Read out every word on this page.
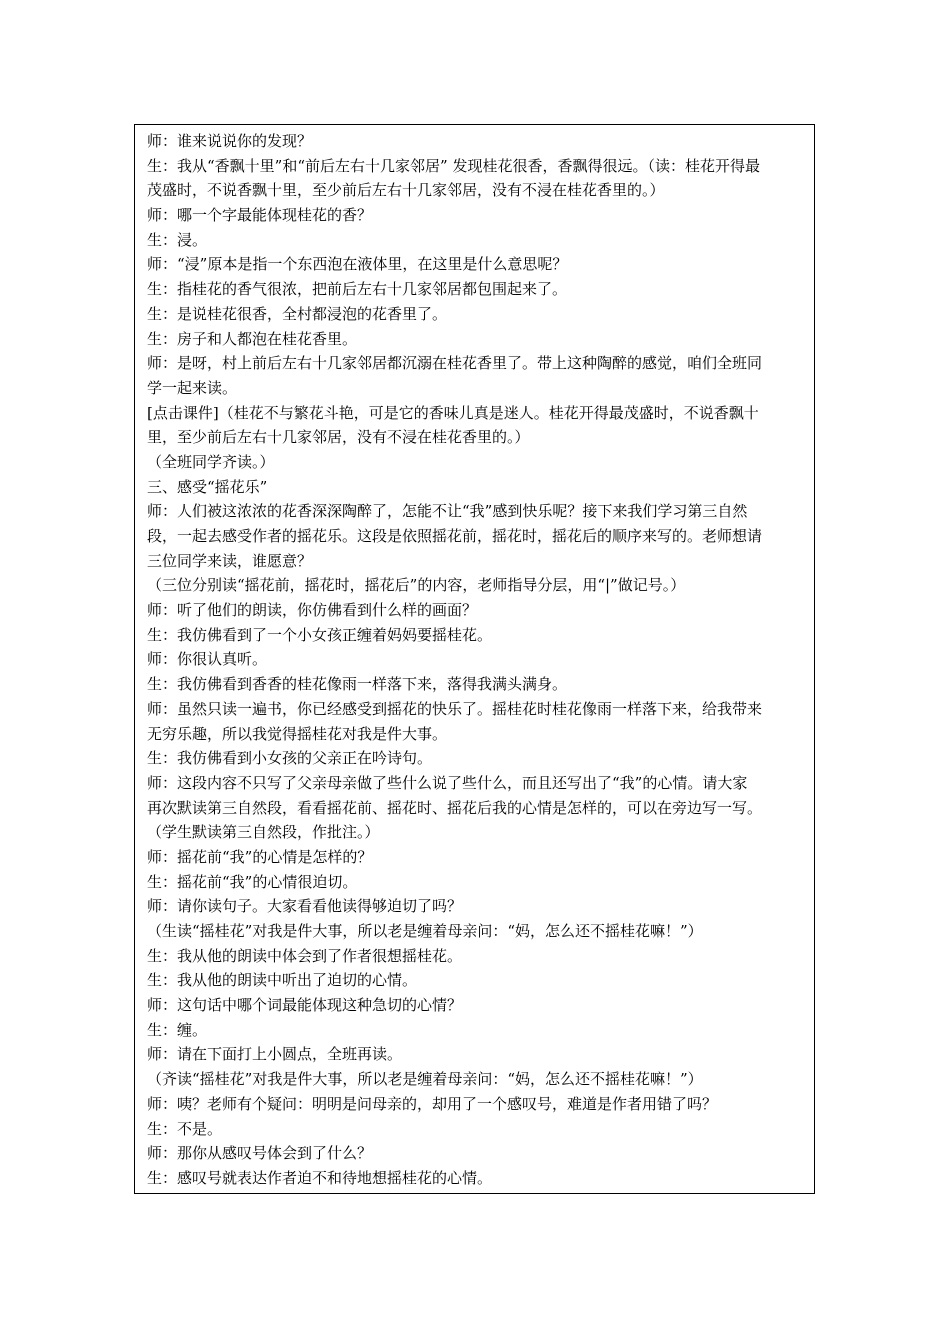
师：谁来说说你的发现？
生：我从“香飘十里”和“前后左右十几家邻居” 发现桂花很香，香飘得很远。（读：桂花开得最
茂盛时，不说香飘十里，至少前后左右十几家邻居，没有不浸在桂花香里的。）
师：哪一个字最能体现桂花的香？
生：浸。
师：“浸”原本是指一个东西泡在液体里，在这里是什么意思呢？
生：指桂花的香气很浓，把前后左右十几家邻居都包围起来了。
生：是说桂花很香，全村都浸泡的花香里了。
生：房子和人都泡在桂花香里。
师：是呀，村上前后左右十几家邻居都沉溺在桂花香里了。带上这种陶醉的感觉，咱们全班同
学一起来读。
[点击课件]（桂花不与繁花斗艳，可是它的香味儿真是迷人。桂花开得最茂盛时，不说香飘十
里，至少前后左右十几家邻居，没有不浸在桂花香里的。）
（全班同学齐读。）
三、感受“摇花乐”
师：人们被这浓浓的花香深深陶醉了，怎能不让“我”感到快乐呢？接下来我们学习第三自然
段，一起去感受作者的摇花乐。这段是依照摇花前，摇花时，摇花后的顺序来写的。老师想请
三位同学来读，谁愿意？
（三位分别读“摇花前，摇花时，摇花后”的内容，老师指导分层，用“|”做记号。）
师：听了他们的朗读，你仿佛看到什么样的画面？
生：我仿佛看到了一个小女孩正缠着妈妈要摇桂花。
师：你很认真听。
生：我仿佛看到香香的桂花像雨一样落下来，落得我满头满身。
师：虽然只读一遍书，你已经感受到摇花的快乐了。摇桂花时桂花像雨一样落下来，给我带来
无穷乐趣，所以我觉得摇桂花对我是件大事。
生：我仿佛看到小女孩的父亲正在吟诗句。
师：这段内容不只写了父亲母亲做了些什么说了些什么，而且还写出了“我”的心情。请大家
再次默读第三自然段，看看摇花前、摇花时、摇花后我的心情是怎样的，可以在旁边写一写。
（学生默读第三自然段，作批注。）
师：摇花前“我”的心情是怎样的？
生：摇花前“我”的心情很迫切。
师：请你读句子。大家看看他读得够迫切了吗？
（生读“摇桂花”对我是件大事，所以老是缠着母亲问：“妈，怎么还不摇桂花嘛！”）
生：我从他的朗读中体会到了作者很想摇桂花。
生：我从他的朗读中听出了迫切的心情。
师：这句话中哪个词最能体现这种急切的心情？
生：缠。
师：请在下面打上小圆点，全班再读。
（齐读“摇桂花”对我是件大事，所以老是缠着母亲问：“妈，怎么还不摇桂花嘛！”）
师：咦？老师有个疑问：明明是问母亲的，却用了一个感叹号，难道是作者用错了吗？
生：不是。
师：那你从感叹号体会到了什么？
生：感叹号就表达作者迫不和待地想摇桂花的心情。
